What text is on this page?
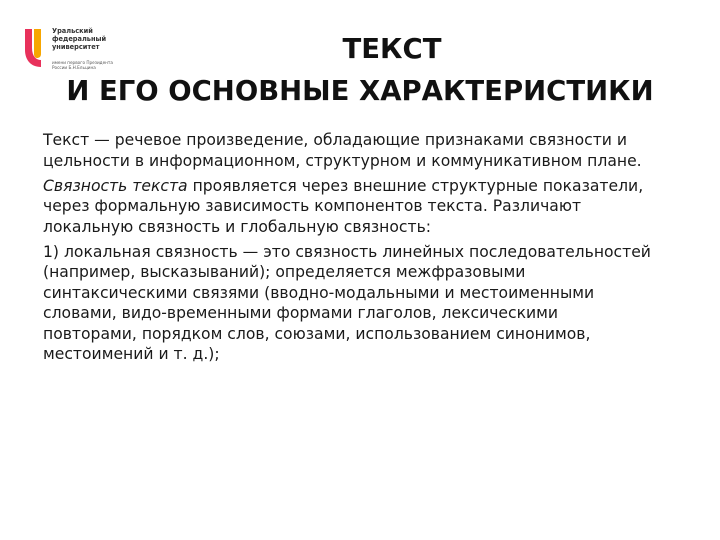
Уральский
федеральный
университет
имени первого Президента
России Б.Н.Ельцина
ТЕКСТ
И ЕГО ОСНОВНЫЕ ХАРАКТЕРИСТИКИ

Текст — речевое произведение, обладающие признаками связности и
цельности в информационном, структурном и коммуникативном плане.

Связность текста проявляется через внешние структурные показатели,
через формальную зависимость компонентов текста. Различают
локальную связность и глобальную связность:

1) локальная связность — это связность линейных последовательностей
(например, высказываний); определяется межфразовыми
синтаксическими связями (вводно-модальными и местоименными
словами, видо-временными формами глаголов, лексическими
повторами, порядком слов, союзами, использованием синонимов,
местоимений и т. д.);
